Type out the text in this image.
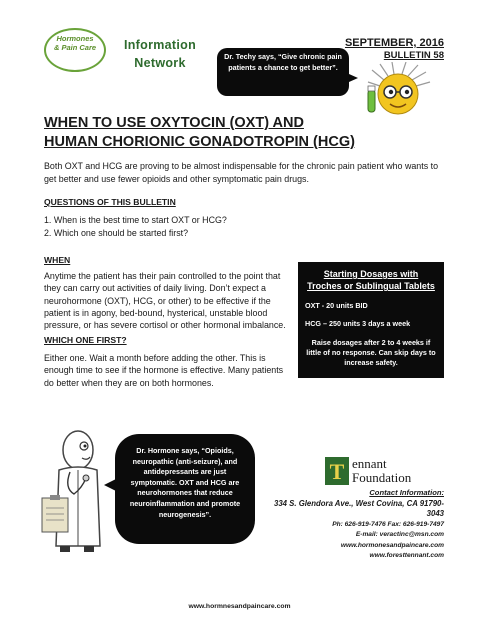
Hormones
& Pain Care	Information
Network
SEPTEMBER, 2016
BULLETIN 58
Dr. Techy says, “Give chronic pain patients a chance to get better”.
WHEN TO USE OXYTOCIN (OXT) AND
HUMAN CHORIONIC GONADOTROPIN (HCG)
Both OXT and HCG are proving to be almost indispensable for the chronic pain patient who wants to get better and use fewer opioids and other symptomatic pain drugs.
QUESTIONS OF THIS BULLETIN
1. When is the best time to start OXT or HCG?
2. Which one should be started first?
WHEN
Anytime the patient has their pain controlled to the point that they can carry out activities of daily living. Don’t expect a neurohormone (OXT), HCG, or other) to be effective if the patient is in agony, bed-bound, hysterical, unstable blood pressure, or has severe cortisol or other hormonal imbalance.
WHICH ONE FIRST?
Either one. Wait a month before adding the other. This is enough time to see if the hormone is effective. Many patients do better when they are on both hormones.
Starting Dosages with
Troches or Sublingual Tablets
OXT - 20 units BID
HCG – 250 units 3 days a week
Raise dosages after 2 to 4 weeks if little of no response. Can skip days to increase safety.
Dr. Hormone says, “Opioids, neuropathic (anti-seizure), and antidepressants are just symptomatic. OXT and HCG are neurohormones that reduce neuroinflammation and promote neurogenesis”.
T ennant
Foundation
Contact Information:
334 S. Glendora Ave., West Covina, CA 91790-3043
Ph: 626-919-7476 Fax: 626-919-7497
E-mail: veractinc@msn.com
www.hormonesandpaincare.com
www.foresttennant.com
www.hormnesandpaincare.com
